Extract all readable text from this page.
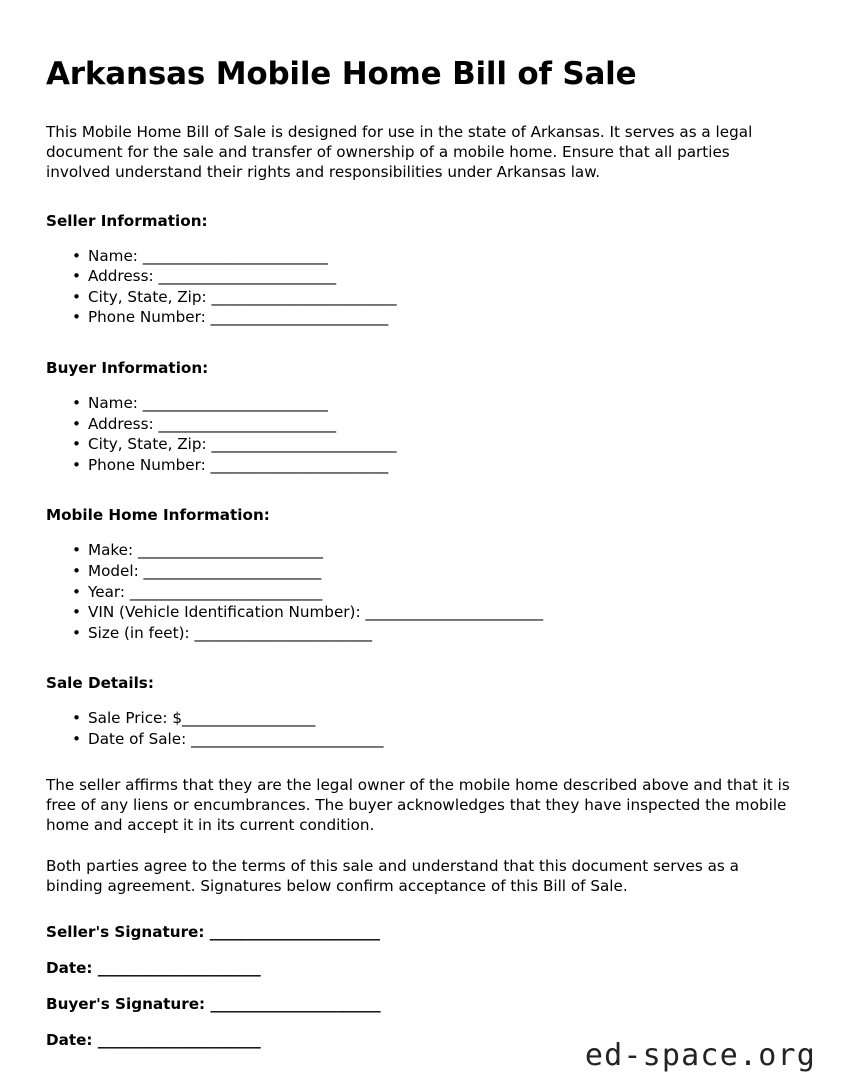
Arkansas Mobile Home Bill of Sale

This Mobile Home Bill of Sale is designed for use in the state of Arkansas. It serves as a legal document for the sale and transfer of ownership of a mobile home. Ensure that all parties involved understand their rights and responsibilities under Arkansas law.

Seller Information:
• Name: _________________________
• Address: ________________________
• City, State, Zip: _________________________
• Phone Number: ________________________
Buyer Information:
• Name: _________________________
• Address: ________________________
• City, State, Zip: _________________________
• Phone Number: ________________________
Mobile Home Information:
• Make: _________________________
• Model: ________________________
• Year: __________________________
• VIN (Vehicle Identification Number): ________________________
• Size (in feet): ________________________
Sale Details:
• Sale Price: $__________________
• Date of Sale: __________________________

The seller affirms that they are the legal owner of the mobile home described above and that it is free of any liens or encumbrances. The buyer acknowledges that they have inspected the mobile home and accept it in its current condition.

Both parties agree to the terms of this sale and understand that this document serves as a binding agreement. Signatures below confirm acceptance of this Bill of Sale.

Seller's Signature: _______________________

Date: ______________________

Buyer's Signature: _______________________

Date: ______________________	ed-space.org
